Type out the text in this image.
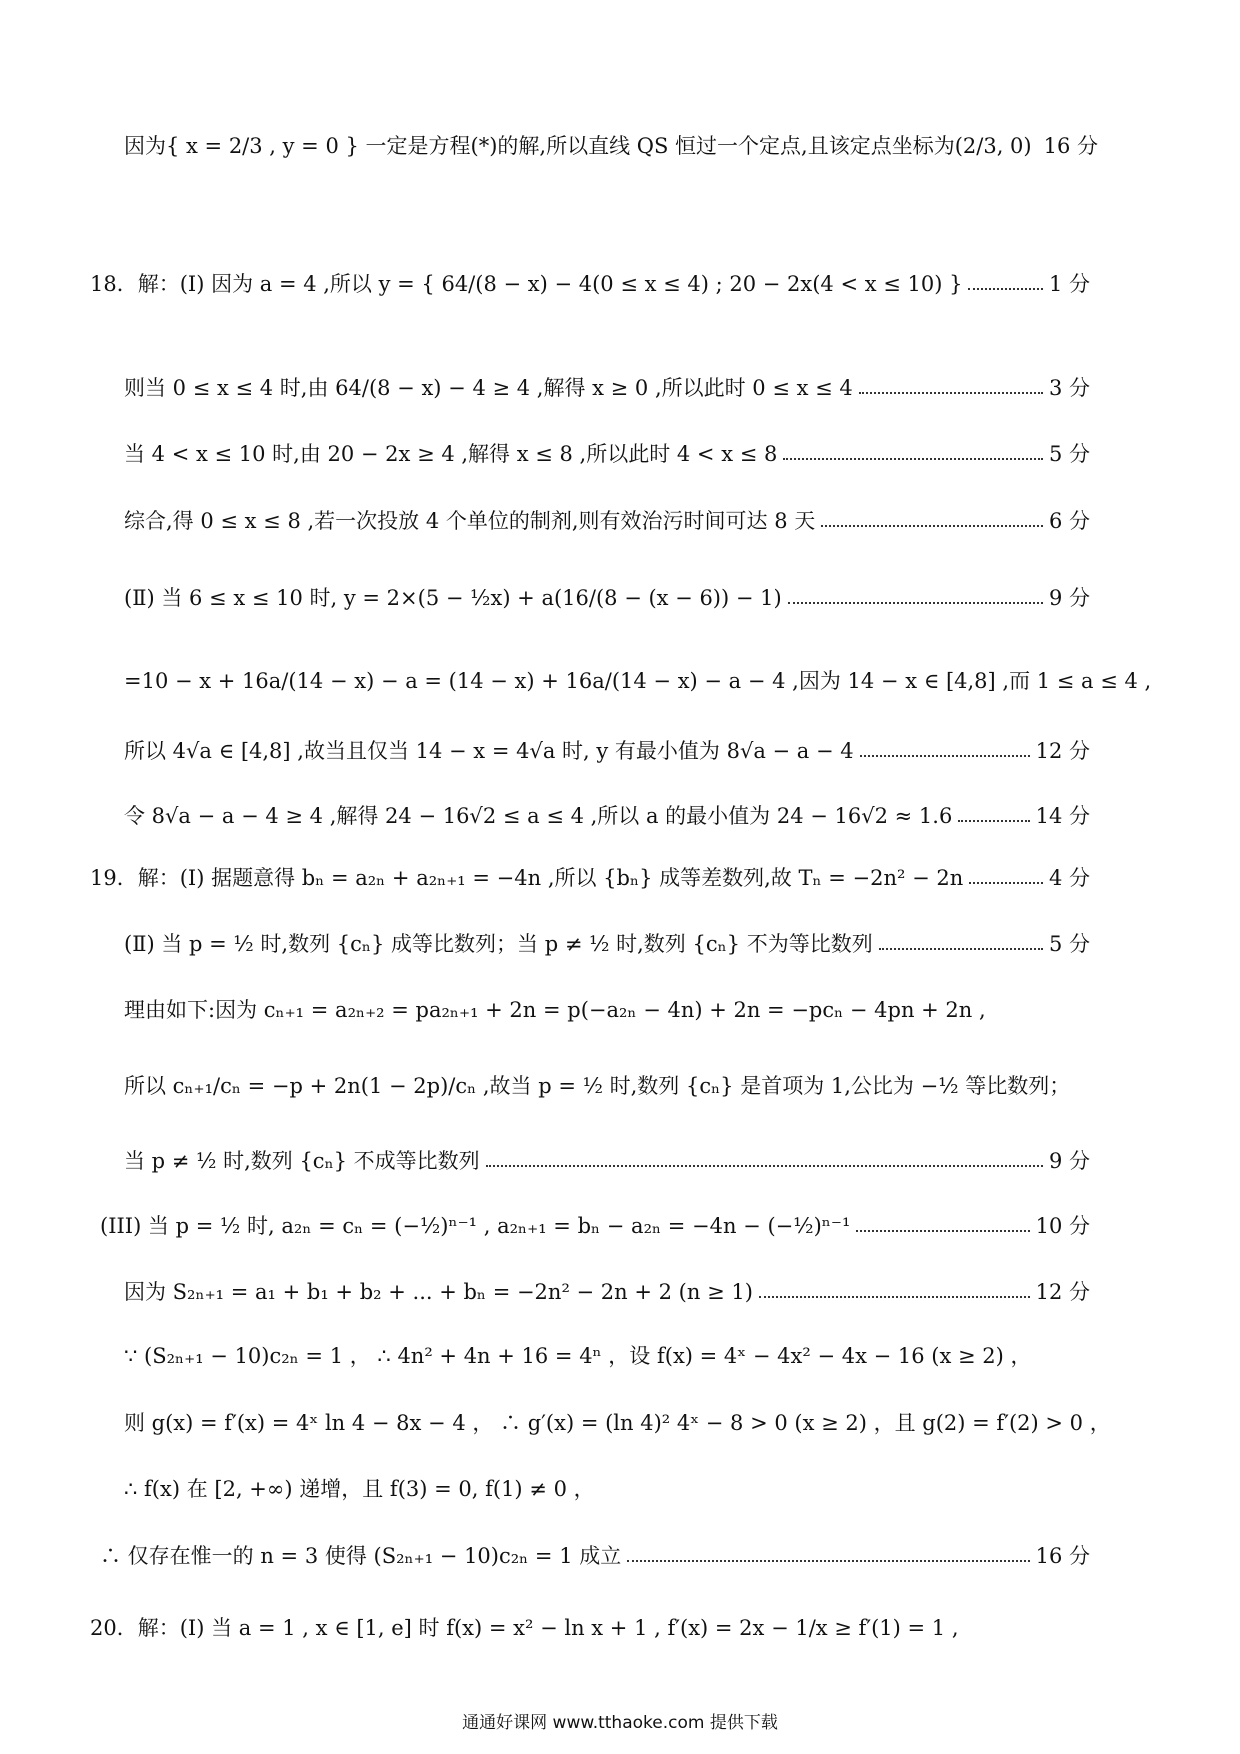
因为{ x = 2/3 , y = 0 } 一定是方程(*)的解,所以直线 QS 恒过一个定点,且该定点坐标为(2/3, 0) 16 分
18．解：(Ⅰ) 因为 a = 4 ,所以 y = { 64/(8 − x) − 4(0 ≤ x ≤ 4) ; 20 − 2x(4 < x ≤ 10) }	1 分
则当 0 ≤ x ≤ 4 时,由 64/(8 − x) − 4 ≥ 4 ,解得 x ≥ 0 ,所以此时 0 ≤ x ≤ 4	3 分
当 4 < x ≤ 10 时,由 20 − 2x ≥ 4 ,解得 x ≤ 8 ,所以此时 4 < x ≤ 8	5 分
综合,得 0 ≤ x ≤ 8 ,若一次投放 4 个单位的制剂,则有效治污时间可达 8 天	6 分
(Ⅱ) 当 6 ≤ x ≤ 10 时, y = 2×(5 − ½x) + a(16/(8 − (x − 6)) − 1)	9 分
=10 − x + 16a/(14 − x) − a = (14 − x) + 16a/(14 − x) − a − 4 ,因为 14 − x ∈ [4,8] ,而 1 ≤ a ≤ 4 ,
所以 4√a ∈ [4,8] ,故当且仅当 14 − x = 4√a 时, y 有最小值为 8√a − a − 4	12 分
令 8√a − a − 4 ≥ 4 ,解得 24 − 16√2 ≤ a ≤ 4 ,所以 a 的最小值为 24 − 16√2 ≈ 1.6	14 分
19．解：(Ⅰ) 据题意得 bₙ = a₂ₙ + a₂ₙ₊₁ = −4n ,所以 {bₙ} 成等差数列,故 Tₙ = −2n² − 2n	4 分
(Ⅱ) 当 p = ½ 时,数列 {cₙ} 成等比数列；当 p ≠ ½ 时,数列 {cₙ} 不为等比数列	5 分
理由如下:因为 cₙ₊₁ = a₂ₙ₊₂ = pa₂ₙ₊₁ + 2n = p(−a₂ₙ − 4n) + 2n = −pcₙ − 4pn + 2n ,
所以 cₙ₊₁/cₙ = −p + 2n(1 − 2p)/cₙ ,故当 p = ½ 时,数列 {cₙ} 是首项为 1,公比为 −½ 等比数列；
当 p ≠ ½ 时,数列 {cₙ} 不成等比数列	9 分
(III) 当 p = ½ 时, a₂ₙ = cₙ = (−½)ⁿ⁻¹ , a₂ₙ₊₁ = bₙ − a₂ₙ = −4n − (−½)ⁿ⁻¹	10 分
因为 S₂ₙ₊₁ = a₁ + b₁ + b₂ + ... + bₙ = −2n² − 2n + 2 (n ≥ 1)	12 分
∵ (S₂ₙ₊₁ − 10)c₂ₙ = 1 ， ∴ 4n² + 4n + 16 = 4ⁿ ，设 f(x) = 4ˣ − 4x² − 4x − 16 (x ≥ 2) ，
则 g(x) = f′(x) = 4ˣ ln 4 − 8x − 4 ， ∴ g′(x) = (ln 4)² 4ˣ − 8 > 0 (x ≥ 2) ，且 g(2) = f′(2) > 0 ，
∴ f(x) 在 [2, +∞) 递增，且 f(3) = 0, f(1) ≠ 0 ，
∴ 仅存在惟一的 n = 3 使得 (S₂ₙ₊₁ − 10)c₂ₙ = 1 成立	16 分
20．解：(Ⅰ) 当 a = 1 , x ∈ [1, e] 时 f(x) = x² − ln x + 1 , f′(x) = 2x − 1/x ≥ f′(1) = 1 ,
通通好课网 www.tthaoke.com 提供下载
